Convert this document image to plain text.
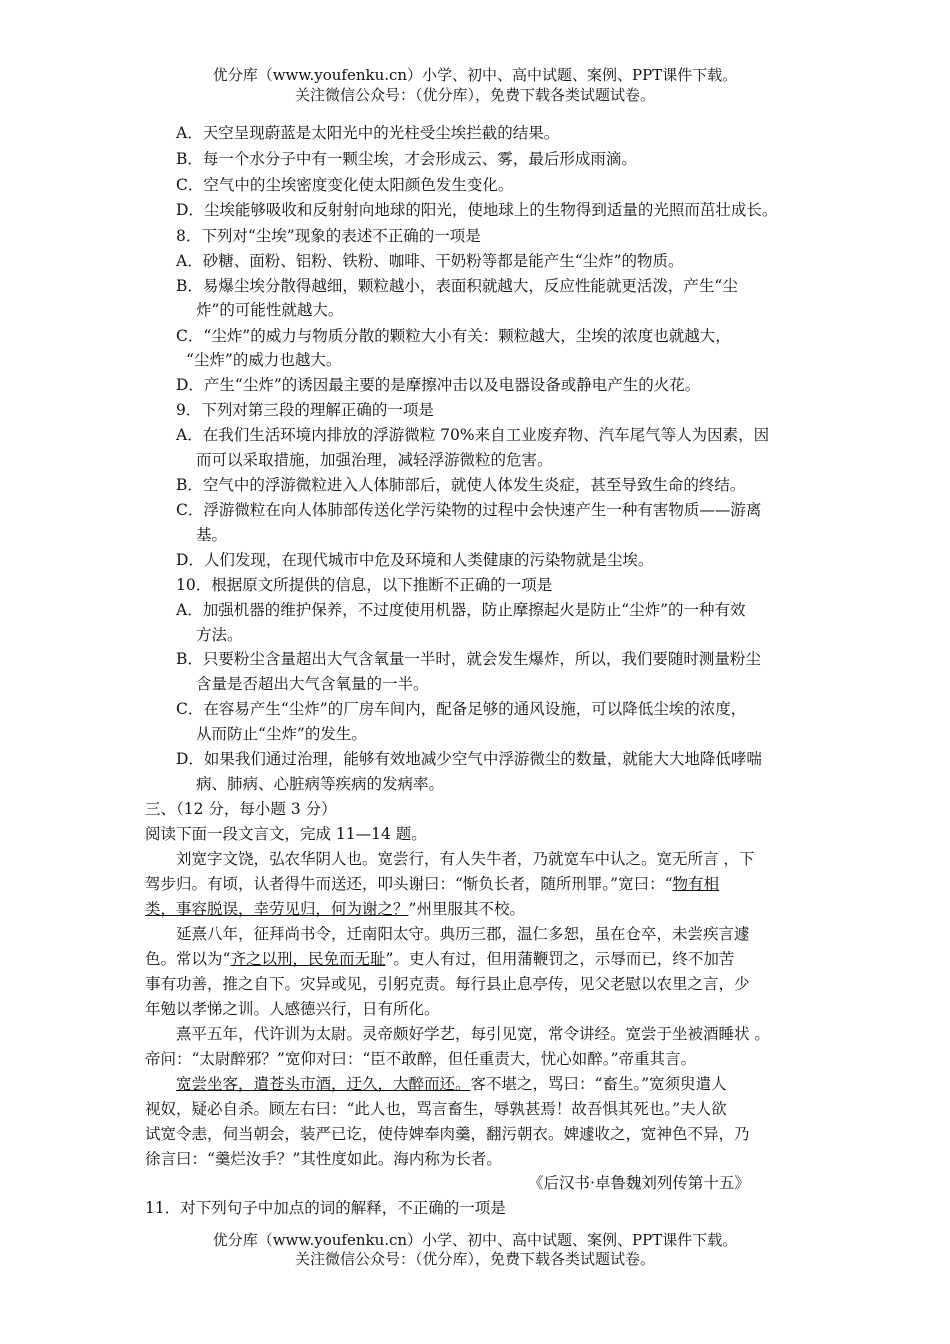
优分库（www.youfenku.cn）小学、初中、高中试题、案例、PPT课件下载。
关注微信公众号：（优分库），免费下载各类试题试卷。
A．天空呈现蔚蓝是太阳光中的光柱受尘埃拦截的结果。
B．每一个水分子中有一颗尘埃，才会形成云、雾，最后形成雨滴。
C．空气中的尘埃密度变化使太阳颜色发生变化。
D．尘埃能够吸收和反射射向地球的阳光，使地球上的生物得到适量的光照而茁壮成长。
8．下列对“尘埃”现象的表述不正确的一项是
A．砂糖、面粉、铝粉、铁粉、咖啡、干奶粉等都是能产生“尘炸”的物质。
B．易爆尘埃分散得越细，颗粒越小，表面积就越大，反应性能就更活泼，产生“尘
炸”的可能性就越大。
C．“尘炸”的威力与物质分散的颗粒大小有关：颗粒越大，尘埃的浓度也就越大，
“尘炸”的威力也越大。
D．产生“尘炸”的诱因最主要的是摩擦冲击以及电器设备或静电产生的火花。
9．下列对第三段的理解正确的一项是
A．在我们生活环境内排放的浮游微粒 70%来自工业废弃物、汽车尾气等人为因素，因
而可以采取措施，加强治理，减轻浮游微粒的危害。
B．空气中的浮游微粒进入人体肺部后，就使人体发生炎症，甚至导致生命的终结。
C．浮游微粒在向人体肺部传送化学污染物的过程中会快速产生一种有害物质——游离
基。
D．人们发现，在现代城市中危及环境和人类健康的污染物就是尘埃。
10．根据原文所提供的信息，以下推断不正确的一项是
A．加强机器的维护保养，不过度使用机器，防止摩擦起火是防止“尘炸”的一种有效
方法。
B．只要粉尘含量超出大气含氧量一半时，就会发生爆炸，所以，我们要随时测量粉尘
含量是否超出大气含氧量的一半。
C．在容易产生“尘炸”的厂房车间内，配备足够的通风设施，可以降低尘埃的浓度，
从而防止“尘炸”的发生。
D．如果我们通过治理，能够有效地减少空气中浮游微尘的数量，就能大大地降低哮喘
病、肺病、心脏病等疾病的发病率。
三、（12 分，每小题 3 分）
阅读下面一段文言文，完成 11—14 题。
刘宽字文饶，弘农华阴人也。宽尝行，有人失牛者，乃就宽车中认之。宽无所言 ，下
驾步归。有顷，认者得牛而送还，叩头谢曰：“惭负长者，随所刑罪。”宽曰：“物有相
类，事容脱误，幸劳见归，何为谢之？”州里服其不校。
延熹八年，征拜尚书令，迁南阳太守。典历三郡，温仁多恕，虽在仓卒，未尝疾言遽
色。常以为“齐之以刑，民免而无耻”。吏人有过，但用蒲鞭罚之，示辱而已，终不加苦
事有功善，推之自下。灾异或见，引躬克责。每行县止息亭传，见父老慰以农里之言，少
年勉以孝悌之训。人感德兴行，日有所化。
熹平五年，代许训为太尉。灵帝颇好学艺，每引见宽，常令讲经。宽尝于坐被酒睡状 。
帝问：“太尉醉邪？”宽仰对曰：“臣不敢醉，但任重责大，忧心如醉。”帝重其言。
宽尝坐客，遣苍头市酒，迂久，大醉而还。客不堪之，骂曰：“畜生。”宽须臾遣人
视奴，疑必自杀。顾左右曰：“此人也，骂言畜生，辱孰甚焉！故吾惧其死也。”夫人欲
试宽令恚，伺当朝会，装严已讫，使侍婢奉肉羹，翻污朝衣。婢遽收之，宽神色不异，乃
徐言曰：“羹烂汝手？”其性度如此。海内称为长者。
《后汉书·卓鲁魏刘列传第十五》
11．对下列句子中加点的词的解释，不正确的一项是
优分库（www.youfenku.cn）小学、初中、高中试题、案例、PPT课件下载。
关注微信公众号：（优分库），免费下载各类试题试卷。
